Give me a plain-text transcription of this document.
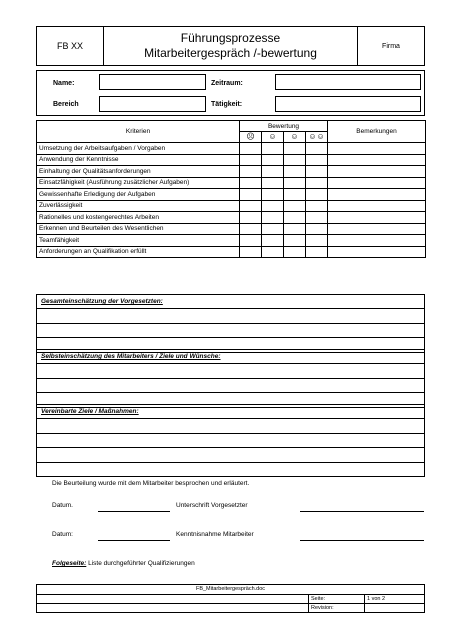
FB XX
Führungsprozesse
Mitarbeitergespräch /-bewertung	Firma
Name:	Zeitraum:
Bereich	Tätigkeit:
Kriterien	Bewertung				Bemerkungen
	☹	☺	☺	☺☺	
Umsetzung der Arbeitsaufgaben / Vorgaben					
Anwendung der Kenntnisse					
Einhaltung der Qualitätsanforderungen					
Einsatzfähigkeit (Ausführung zusätzlicher Aufgaben)					
Gewissenhafte Erledigung der Aufgaben					
Zuverlässigkeit					
Rationelles und kostengerechtes Arbeiten					
Erkennen und Beurteilen des Wesentlichen					
Teamfähigkeit					
Anforderungen an Qualifikation erfüllt					
Gesamteinschätzung der Vorgesetzten:
Selbsteinschätzung des Mitarbeiters / Ziele und Wünsche:
Vereinbarte Ziele / Maßnahmen:
Die Beurteilung wurde mit dem Mitarbeiter besprochen und erläutert.
Datum.	Unterschrift Vorgesetzter
Datum:	Kenntnisnahme Mitarbeiter
Folgeseite: Liste durchgeführter Qualifizierungen
FB_Mitarbeitergespräch.doc
Seite:	1 von 2
Revision:
